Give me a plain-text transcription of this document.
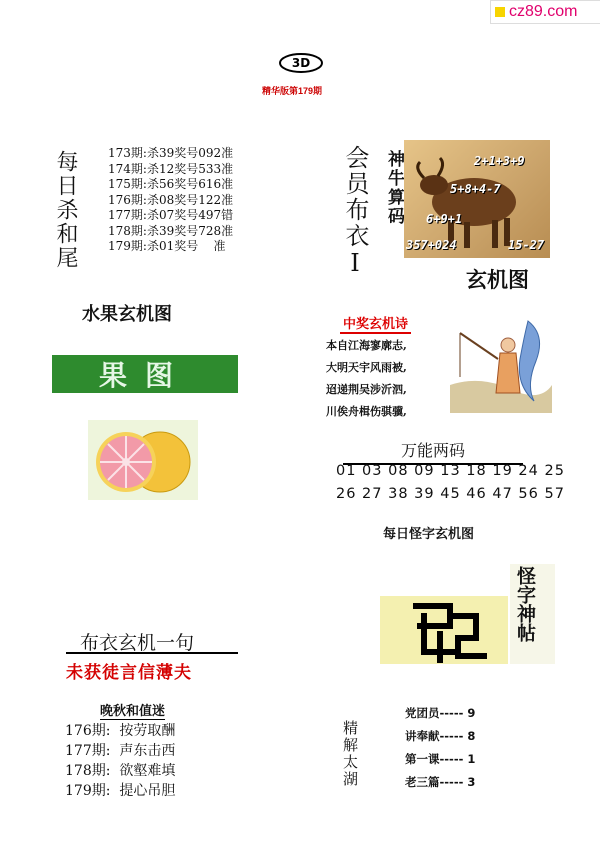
cz89.com
3D
精华版第179期
每日杀和尾	173期:杀39奖号092准
174期:杀12奖号533准
175期:杀56奖号616准
176期:杀08奖号122准
177期:杀07奖号497错
178期:杀39奖号728准
179期:杀01奖号    准
水果玄机图
果图
会员布衣I 神牛算码	2+1+3+9
5+8+4-7
6+9+1
357+024	15-27
玄机图
中奖玄机诗
本自江海寥廓志,
大明天宇风雨被,
迢递荆吴涉沂泗,
川俟舟楫伤骐骥,
万能两码
01 03 08 09 13 18 19 24 25
26 27 38 39 45 46 47 56 57
每日怪字玄机图
怪字神帖
布衣玄机一句
未获徒言信薄夫
晚秋和值迷
176期:  按劳取酬
177期:  声东击西
178期:  欲壑难填
179期:  提心吊胆
精解太湖
党团员----- 9
讲奉献----- 8
第一课----- 1
老三篇----- 3
